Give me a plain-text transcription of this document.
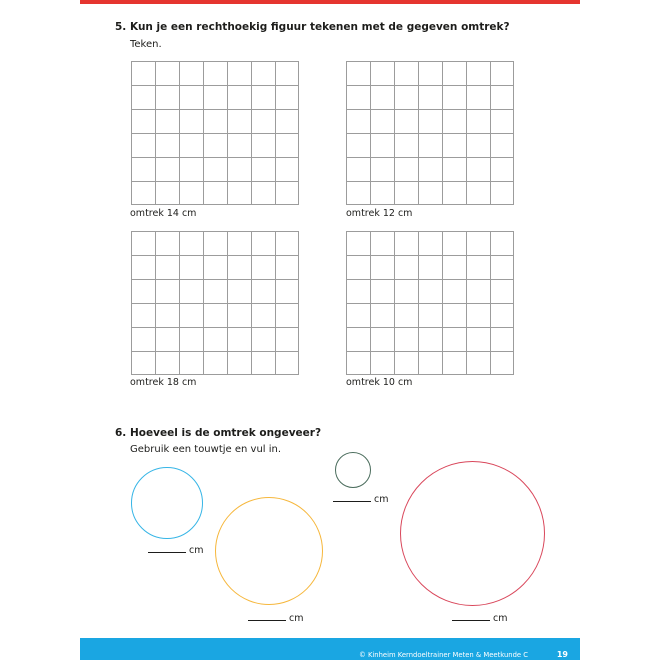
5. Kun je een rechthoekig figuur tekenen met de gegeven omtrek?
Teken.
omtrek 14 cm	omtrek 12 cm
omtrek 18 cm	omtrek 10 cm
6. Hoeveel is de omtrek ongeveer?
Gebruik een touwtje en vul in.
cm
cm
cm
cm
© Kinheim Kerndoeltrainer Meten & Meetkunde C	19
